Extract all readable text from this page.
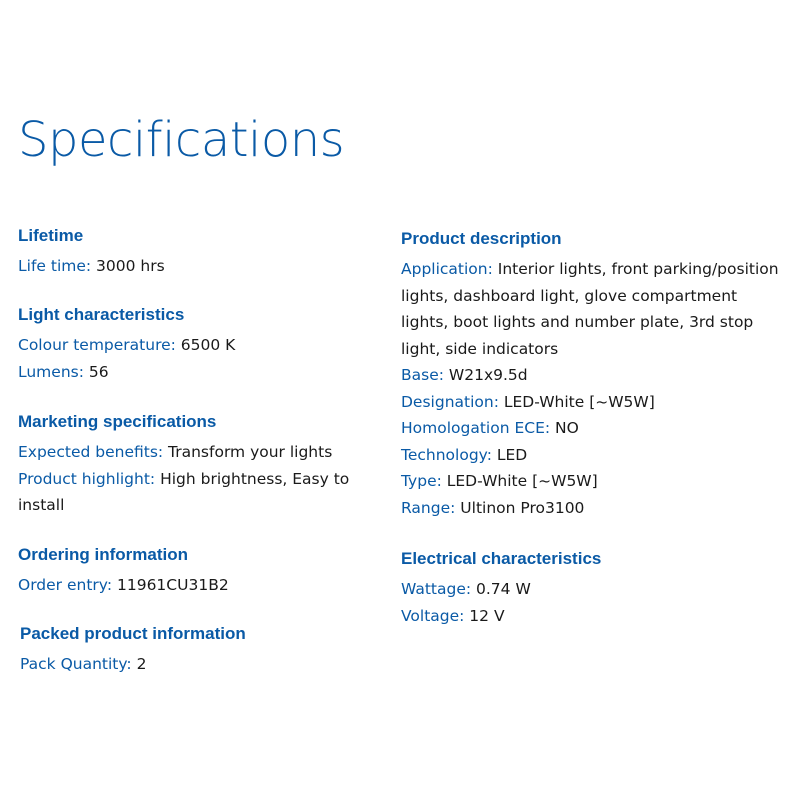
Specifications
Lifetime

Life time: 3000 hrs

Light characteristics

Colour temperature: 6500 K

Lumens: 56

Marketing specifications

Expected benefits: Transform your lights

Product highlight: High brightness, Easy to install

Ordering information

Order entry: 11961CU31B2

Packed product information

Pack Quantity: 2

Product description

Application: Interior lights, front parking/position lights, dashboard light, glove compartment lights, boot lights and number plate, 3rd stop light, side indicators

Base: W21x9.5d

Designation: LED-White [~W5W]

Homologation ECE: NO

Technology: LED

Type: LED-White [~W5W]

Range: Ultinon Pro3100

Electrical characteristics

Wattage: 0.74 W

Voltage: 12 V
